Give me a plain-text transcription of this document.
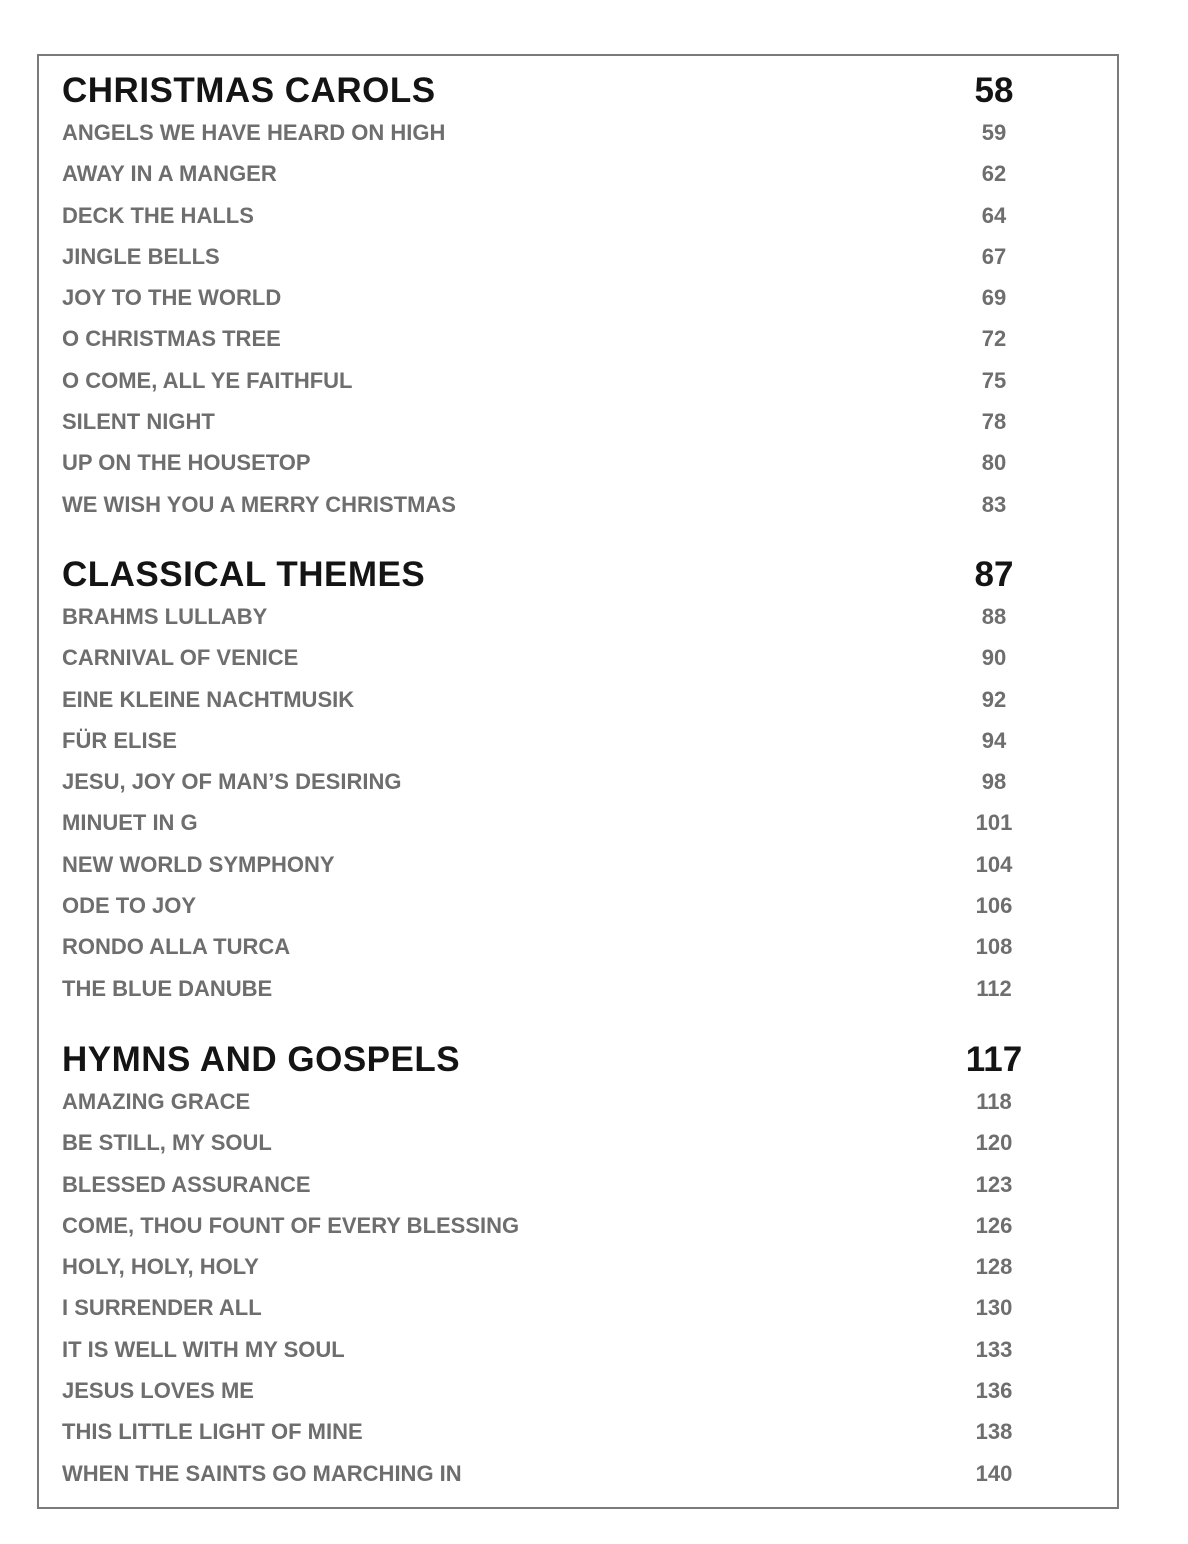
CHRISTMAS CAROLS	58
ANGELS WE HAVE HEARD ON HIGH	59
AWAY IN A MANGER	62
DECK THE HALLS	64
JINGLE BELLS	67
JOY TO THE WORLD	69
O CHRISTMAS TREE	72
O COME, ALL YE FAITHFUL	75
SILENT NIGHT	78
UP ON THE HOUSETOP	80
WE WISH YOU A MERRY CHRISTMAS	83
CLASSICAL THEMES	87
BRAHMS LULLABY	88
CARNIVAL OF VENICE	90
EINE KLEINE NACHTMUSIK	92
FÜR ELISE	94
JESU, JOY OF MAN’S DESIRING	98
MINUET IN G	101
NEW WORLD SYMPHONY	104
ODE TO JOY	106
RONDO ALLA TURCA	108
THE BLUE DANUBE	112
HYMNS AND GOSPELS	117
AMAZING GRACE	118
BE STILL, MY SOUL	120
BLESSED ASSURANCE	123
COME, THOU FOUNT OF EVERY BLESSING	126
HOLY, HOLY, HOLY	128
I SURRENDER ALL	130
IT IS WELL WITH MY SOUL	133
JESUS LOVES ME	136
THIS LITTLE LIGHT OF MINE	138
WHEN THE SAINTS GO MARCHING IN	140
